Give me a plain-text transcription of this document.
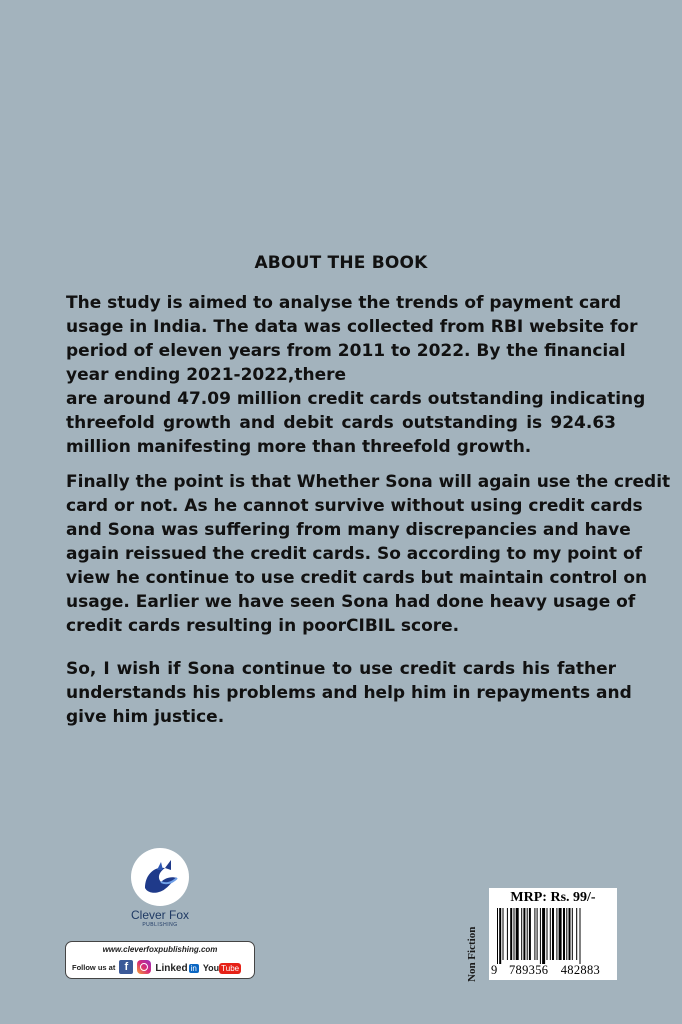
ABOUT THE BOOK
The study is aimed to analyse the trends of payment card
usage in India. The data was collected from RBI website for
period of eleven years from 2011 to 2022. By the financial
year ending 2021-2022,there
are around 47.09 million credit cards outstanding indicating
threefold growth and debit cards outstanding is 924.63
million manifesting more than threefold growth.
Finally the point is that Whether Sona will again use the credit
card or not. As he cannot survive without using credit cards
and Sona was suffering from many discrepancies and have
again reissued the credit cards. So according to my point of
view he continue to use credit cards but maintain control on
usage. Earlier we have seen Sona had done heavy usage of
credit cards resulting in poorCIBIL score.
So, I wish if Sona continue to use credit cards his father
understands his problems and help him in repayments and
give him justice.
Clever Fox
PUBLISHING
www.cleverfoxpublishing.com
Follow us at f	Linked in You Tube	Non Fiction
MRP: Rs. 99/-
9 789356 482883
